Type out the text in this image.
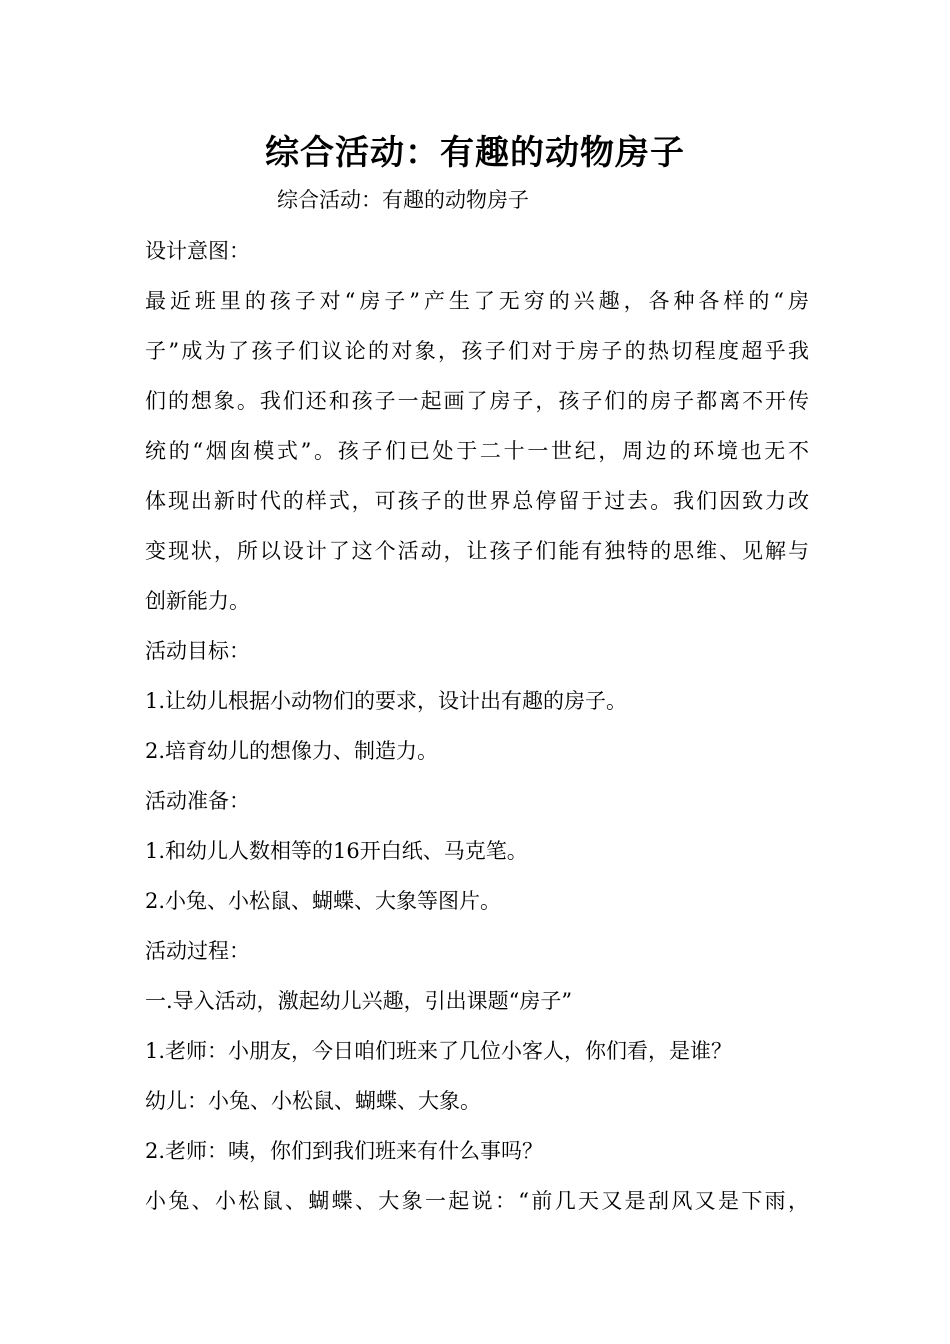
综合活动：有趣的动物房子
综合活动：有趣的动物房子
设计意图：
最近班里的孩子对“房子”产生了无穷的兴趣，各种各样的“房
子”成为了孩子们议论的对象，孩子们对于房子的热切程度超乎我
们的想象。我们还和孩子一起画了房子，孩子们的房子都离不开传
统的“烟囱模式”。孩子们已处于二十一世纪，周边的环境也无不
体现出新时代的样式，可孩子的世界总停留于过去。我们因致力改
变现状，所以设计了这个活动，让孩子们能有独特的思维、见解与
创新能力。
活动目标：
1.让幼儿根据小动物们的要求，设计出有趣的房子。
2.培育幼儿的想像力、制造力。
活动准备：
1.和幼儿人数相等的16开白纸、马克笔。
2.小兔、小松鼠、蝴蝶、大象等图片。
活动过程：
一.导入活动，激起幼儿兴趣，引出课题“房子”
1.老师：小朋友，今日咱们班来了几位小客人，你们看，是谁？
幼儿：小兔、小松鼠、蝴蝶、大象。
2.老师：咦，你们到我们班来有什么事吗？
小兔、小松鼠、蝴蝶、大象一起说：“前几天又是刮风又是下雨，
